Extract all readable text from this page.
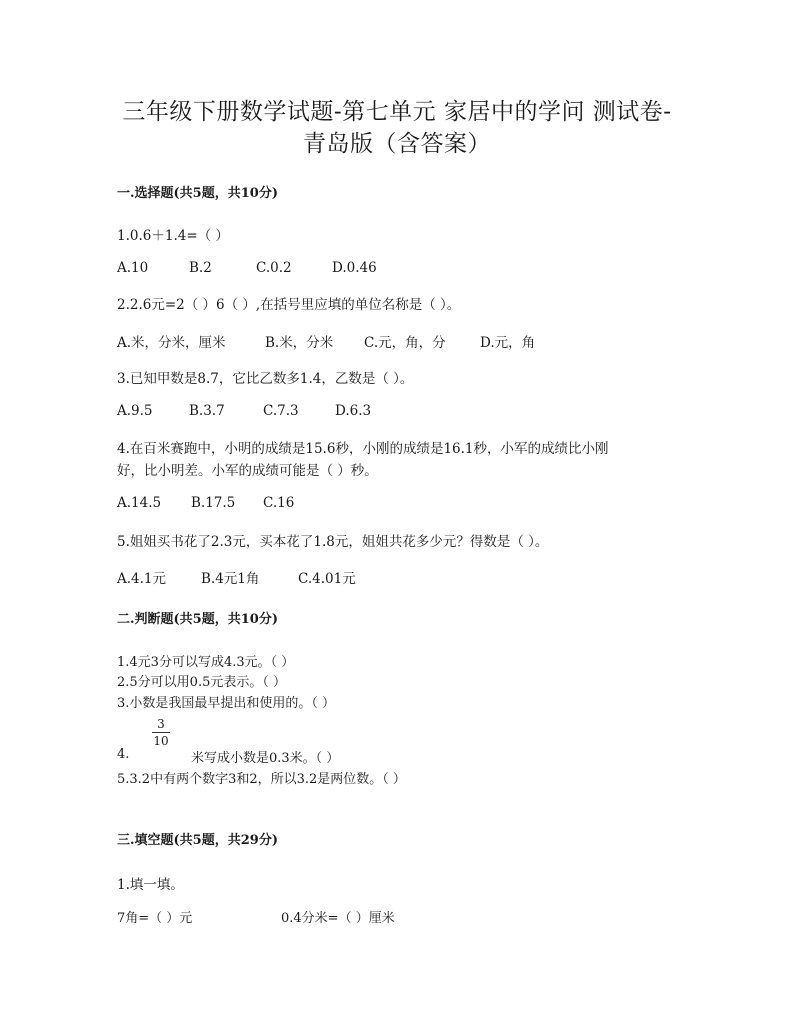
三年级下册数学试题-第七单元 家居中的学问 测试卷-
青岛版（含答案）
一.选择题(共5题，共10分)
1.0.6＋1.4=（ ）
A.10	B.2	C.0.2	D.0.46
2.2.6元=2（ ）6（ ）,在括号里应填的单位名称是（ ）。
A.米，分米，厘米	B.米，分米 C.元，角，分	D.元，角
3.已知甲数是8.7，它比乙数多1.4，乙数是（ ）。
A.9.5	B.3.7	C.7.3	D.6.3
4.在百米赛跑中，小明的成绩是15.6秒，小刚的成绩是16.1秒，小军的成绩比小刚
好，比小明差。小军的成绩可能是（ ）秒。
A.14.5 B.17.5 C.16
5.姐姐买书花了2.3元，买本花了1.8元，姐姐共花多少元？得数是（ ）。
A.4.1元	B.4元1角	C.4.01元
二.判断题(共5题，共10分)
1.4元3分可以写成4.3元。（ ）
2.5分可以用0.5元表示。（ ）
3.小数是我国最早提出和使用的。（ ）
3
10
4.	米写成小数是0.3米。（ ）
5.3.2中有两个数字3和2，所以3.2是两位数。（ ）
三.填空题(共5题，共29分)
1.填一填。
7角=（ ）元	0.4分米=（ ）厘米
